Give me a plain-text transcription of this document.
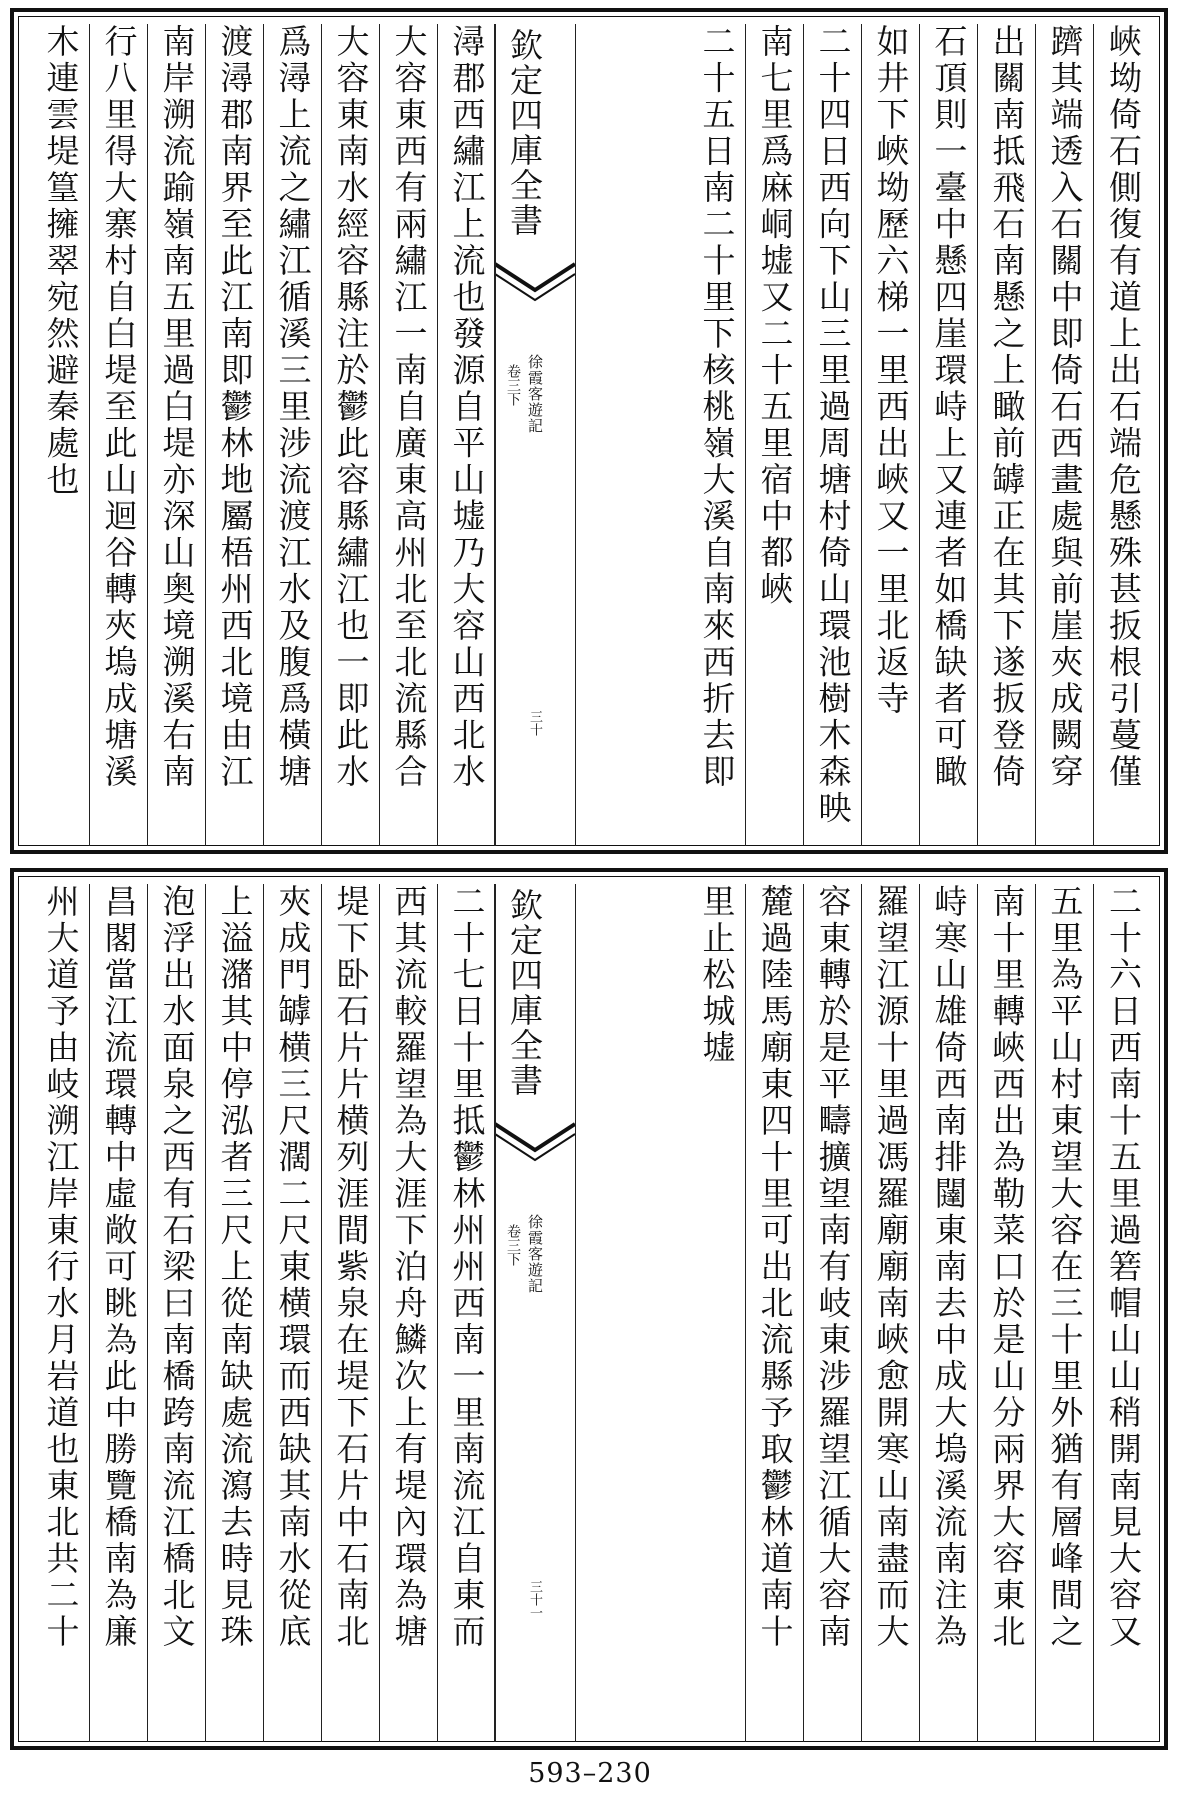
欽定四庫全書
徐霞客遊記
卷三下
三十
潯郡西繡江上流也發源自平山墟乃大容山西北水
大容東西有兩繡江一南自廣東高州北至北流縣合
大容東南水經容縣注於鬱此容縣繡江也一即此水
爲潯上流之繡江循溪三里涉流渡江水及腹爲橫塘
渡潯郡南界至此江南即鬱林地屬梧州西北境由江
南岸溯流踰嶺南五里過白堤亦深山奥境溯溪右南
行八里得大寨村自白堤至此山迴谷轉夾塢成塘溪
木連雲堤篁擁翠宛然避秦處也	峽坳倚石側復有道上出石端危懸殊甚扳根引蔓僅
躋其端透入石關中即倚石西畫處與前崖夾成闕穿
出關南抵飛石南懸之上瞰前罅正在其下遂扳登倚
石頂則一臺中懸四崖環峙上又連者如橋缺者可瞰
如井下峽坳歷六梯一里西出峽又一里北返寺
二十四日西向下山三里過周塘村倚山環池樹木森映
南七里爲麻峒墟又二十五里宿中都峽
二十五日南二十里下核桃嶺大溪自南來西折去即
欽定四庫全書
徐霞客遊記
卷三下
三十一
二十七日十里抵鬱林州州西南一里南流江自東而
西其流較羅望為大涯下泊舟鱗次上有堤內環為塘
堤下卧石片片横列涯間紫泉在堤下石片中石南北
夾成門罅横三尺濶二尺東横環而西缺其南水從底
上溢潴其中停泓者三尺上從南缺處流瀉去時見珠
泡浮出水面泉之西有石梁曰南橋跨南流江橋北文
昌閣當江流環轉中虛敞可眺為此中勝覽橋南為廉
州大道予由岐溯江岸東行水月岩道也東北共二十	二十六日西南十五里過箬帽山山稍開南見大容又
五里為平山村東望大容在三十里外猶有層峰間之
南十里轉峽西出為勒菜口於是山分兩界大容東北
峙寒山雄倚西南排闥東南去中成大塢溪流南注為
羅望江源十里過馮羅廟廟南峽愈開寒山南盡而大
容東轉於是平疇擴望南有岐東涉羅望江循大容南
麓過陸馬廟東四十里可出北流縣予取鬱林道南十
里止松城墟
593–230
